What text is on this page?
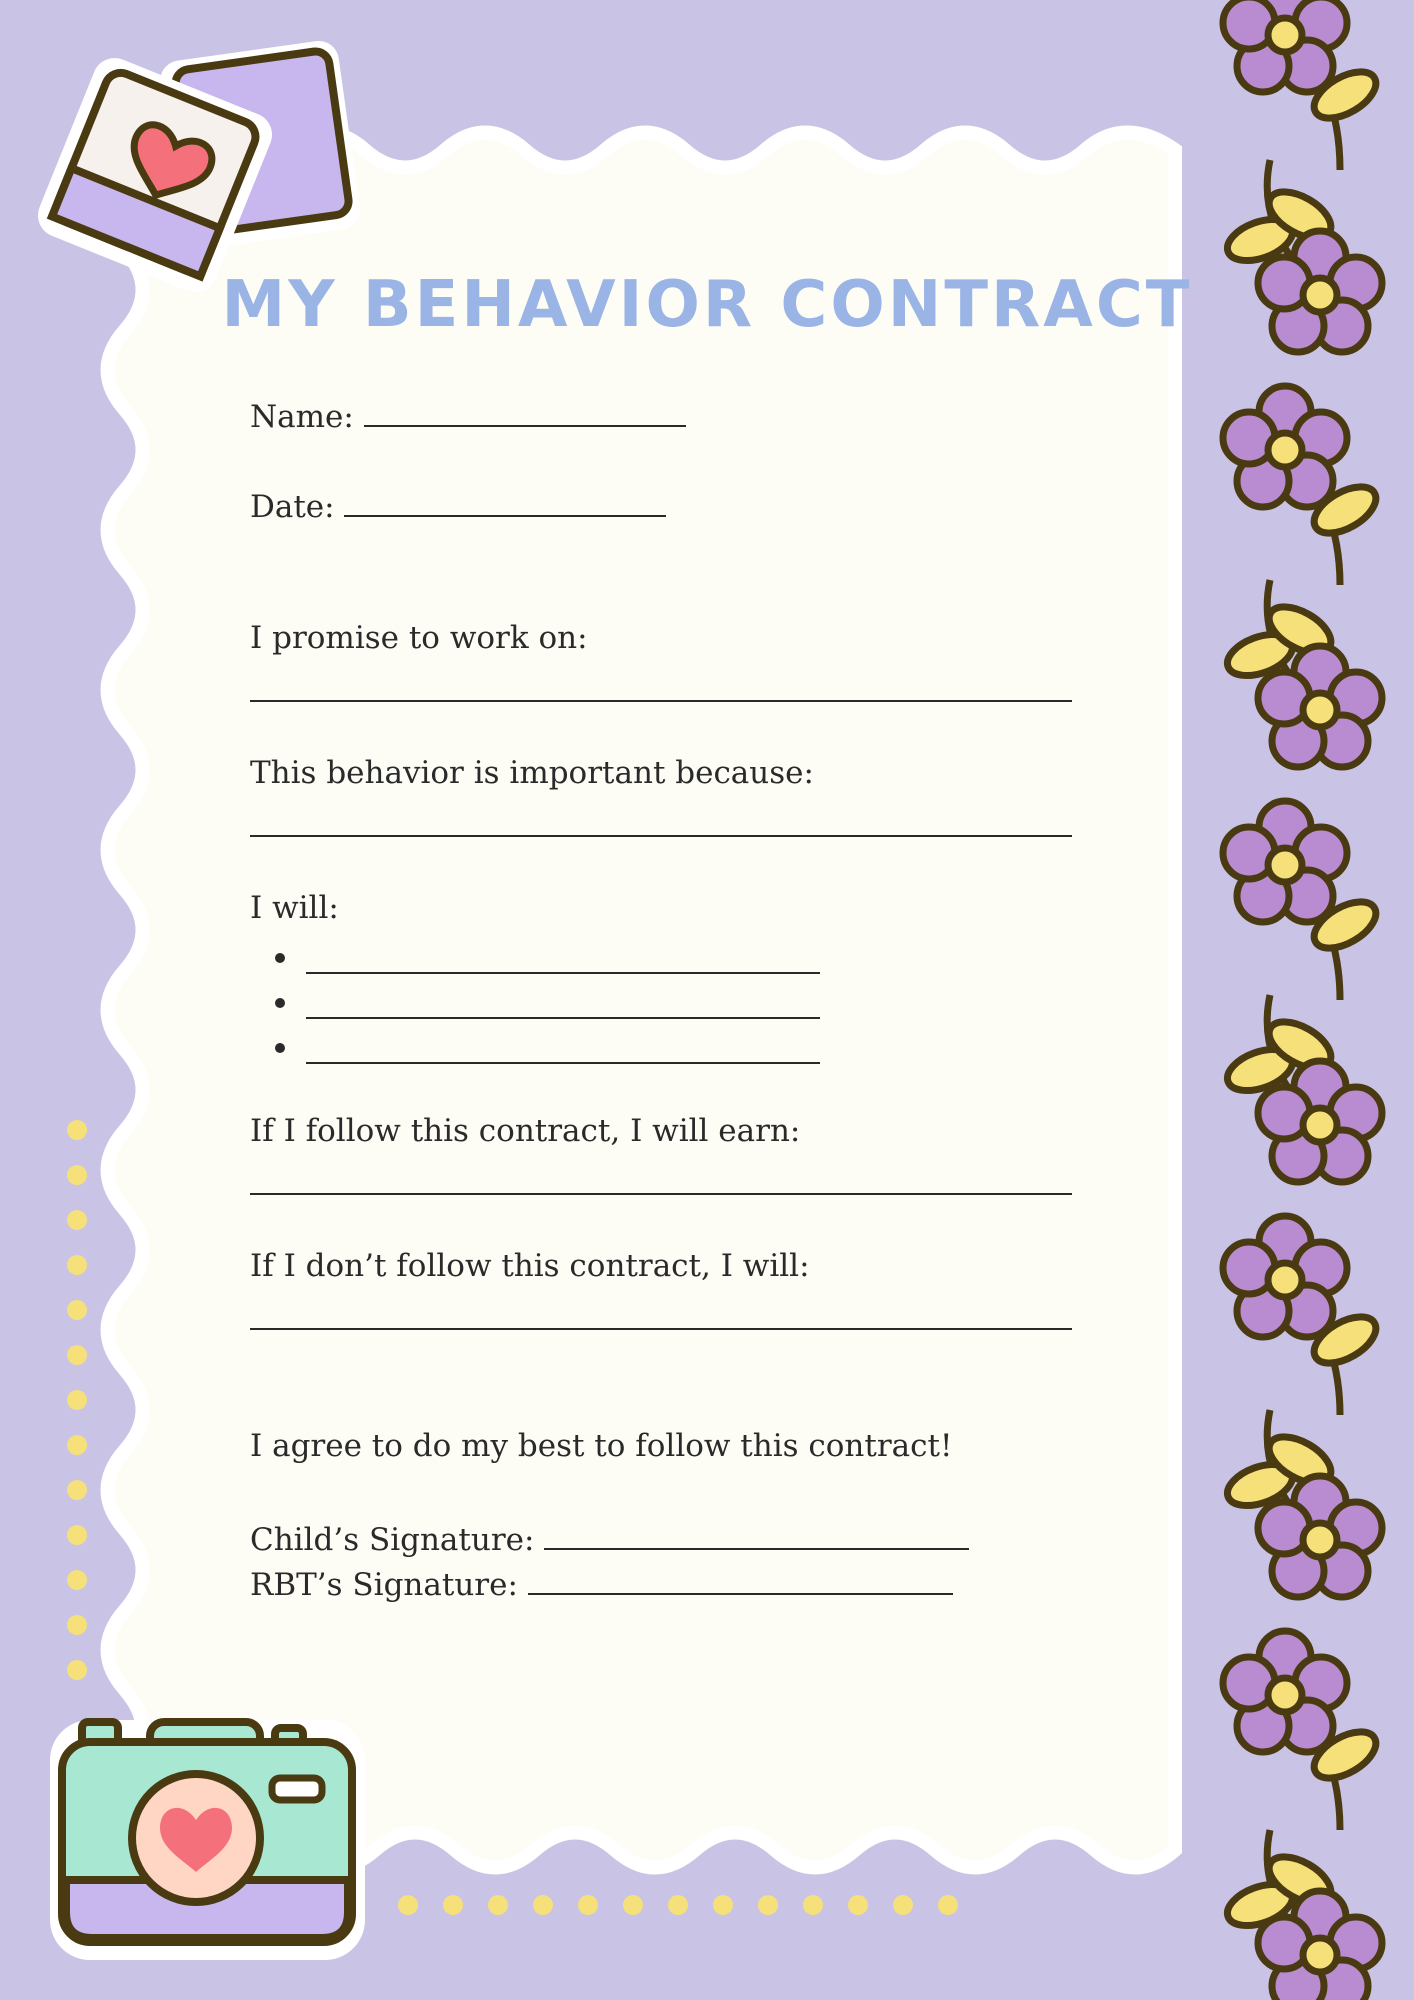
MY BEHAVIOR CONTRACT
Name:
Date:
I promise to work on:
This behavior is important because:
I will:
If I follow this contract, I will earn:
If I don’t follow this contract, I will:
I agree to do my best to follow this contract!
Child’s Signature:
RBT’s Signature:
